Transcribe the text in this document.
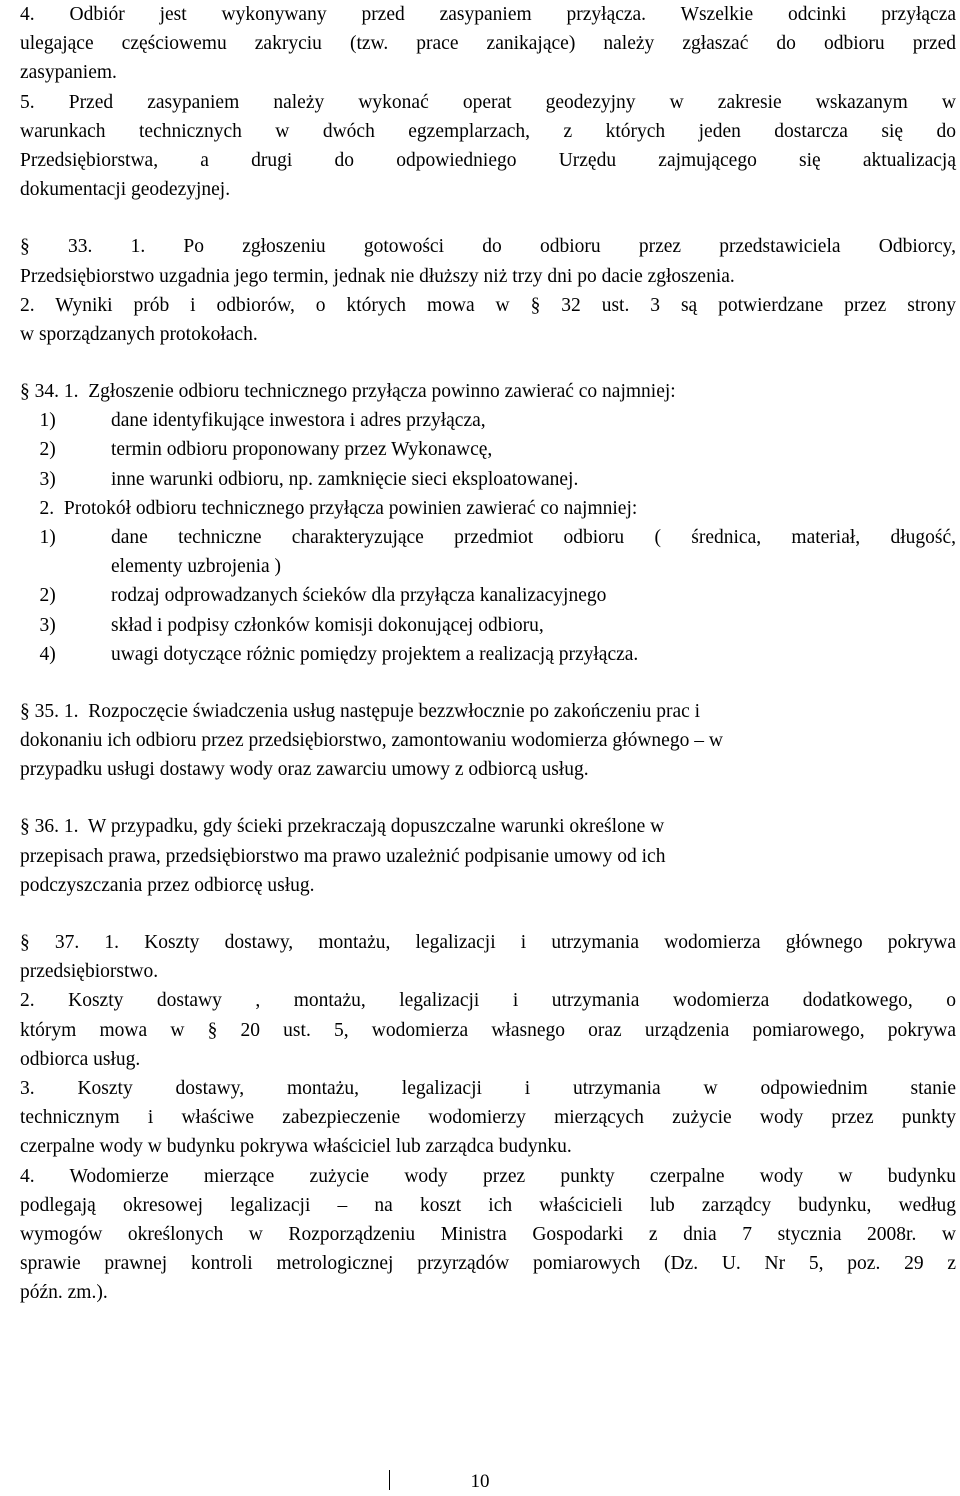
4. Odbiór jest wykonywany przed zasypaniem przyłącza. Wszelkie odcinki przyłącza
ulegające częściowemu zakryciu (tzw. prace zanikające) należy zgłaszać do odbioru przed
zasypaniem.
5. Przed zasypaniem należy wykonać operat geodezyjny w zakresie wskazanym w
warunkach technicznych w dwóch egzemplarzach, z których jeden dostarcza się do
Przedsiębiorstwa, a drugi do odpowiedniego Urzędu zajmującego się aktualizacją
dokumentacji geodezyjnej.
§ 33. 1. Po zgłoszeniu gotowości do odbioru przez przedstawiciela Odbiorcy,
Przedsiębiorstwo uzgadnia jego termin, jednak nie dłuższy niż trzy dni po dacie zgłoszenia.
2. Wyniki prób i odbiorów, o których mowa w § 32 ust. 3 są potwierdzane przez strony
w sporządzanych protokołach.
§ 34. 1.  Zgłoszenie odbioru technicznego przyłącza powinno zawierać co najmniej:
1)	dane identyfikujące inwestora i adres przyłącza,
2)	termin odbioru proponowany przez Wykonawcę,
3)	inne warunki odbioru, np. zamknięcie sieci eksploatowanej.
2.  Protokół odbioru technicznego przyłącza powinien zawierać co najmniej:
1)	dane techniczne charakteryzujące przedmiot odbioru ( średnica, materiał, długość,
elementy uzbrojenia )
2)	rodzaj odprowadzanych ścieków dla przyłącza kanalizacyjnego
3)	skład i podpisy członków komisji dokonującej odbioru,
4)	uwagi dotyczące różnic pomiędzy projektem a realizacją przyłącza.
§ 35. 1.  Rozpoczęcie świadczenia usług następuje bezzwłocznie po zakończeniu prac i
dokonaniu ich odbioru przez przedsiębiorstwo, zamontowaniu wodomierza głównego – w
przypadku usługi dostawy wody oraz zawarciu umowy z odbiorcą usług.
§ 36. 1.  W przypadku, gdy ścieki przekraczają dopuszczalne warunki określone w
przepisach prawa, przedsiębiorstwo ma prawo uzależnić podpisanie umowy od ich
podczyszczania przez odbiorcę usług.
§ 37. 1. Koszty dostawy, montażu, legalizacji i utrzymania wodomierza głównego pokrywa
przedsiębiorstwo.
2. Koszty dostawy , montażu, legalizacji i utrzymania wodomierza dodatkowego, o
którym mowa w § 20 ust. 5, wodomierza własnego oraz urządzenia pomiarowego, pokrywa
odbiorca usług.
3. Koszty dostawy, montażu, legalizacji i utrzymania w odpowiednim stanie
technicznym i właściwe zabezpieczenie wodomierzy mierzących zużycie wody przez punkty
czerpalne wody w budynku pokrywa właściciel lub zarządca budynku.
4. Wodomierze mierzące zużycie wody przez punkty czerpalne wody w budynku
podlegają okresowej legalizacji – na koszt ich właścicieli lub zarządcy budynku, według
wymogów określonych w Rozporządzeniu Ministra Gospodarki z dnia 7 stycznia 2008r. w
sprawie prawnej kontroli metrologicznej przyrządów pomiarowych (Dz. U. Nr 5, poz. 29 z
późn. zm.).
10
